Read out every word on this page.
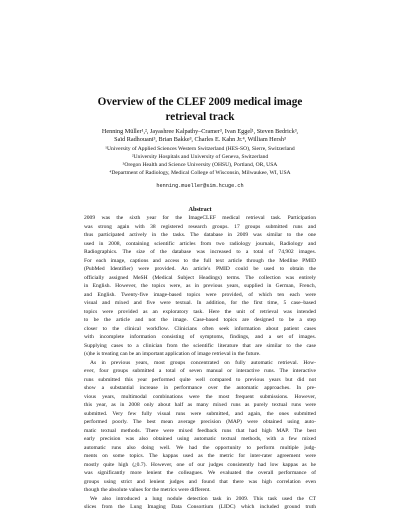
Overview of the CLEF 2009 medical image
retrieval track
Henning Müller¹,², Jayashree Kalpathy–Cramer³, Ivan Eggel¹, Steven Bedrick³,
Saïd Radhouani³, Brian Bakke³, Charles E. Kahn Jr.⁴, William Hersh³
¹University of Applied Sciences Western Switzerland (HES-SO), Sierre, Switzerland
²University Hospitals and University of Geneva, Switzerland
³Oregon Health and Science University (OHSU), Portland, OR, USA
⁴Department of Radiology, Medical College of Wisconsin, Milwaukee, WI, USA
henning.mueller@sim.hcuge.ch
Abstract

2009 was the sixth year for the ImageCLEF medical retrieval task. Participation
was strong again with 38 registered research groups. 17 groups submitted runs and
thus participated actively in the tasks. The database in 2009 was similar to the one
used in 2008, containing scientific articles from two radiology journals, Radiology and
Radiographics. The size of the database was increased to a total of 74,902 images.
For each image, captions and access to the full text article through the Medline PMID
(PubMed Identifier) were provided. An article's PMID could be used to obtain the
officially assigned MeSH (Medical Subject Headings) terms. The collection was entirely
in English. However, the topics were, as in previous years, supplied in German, French,
and English. Twenty-five image-based topics were provided, of which ten each were
visual and mixed and five were textual. In addition, for the first time, 5 case–based
topics were provided as an exploratory task. Here the unit of retrieval was intended
to be the article and not the image. Case-based topics are designed to be a step
closer to the clinical workflow. Clinicians often seek information about patient cases
with incomplete information consisting of symptoms, findings, and a set of images.
Supplying cases to a clinician from the scientific literature that are similar to the case
(s)he is treating can be an important application of image retrieval in the future.

As in previous years, most groups concentrated on fully automatic retrieval. How-
ever, four groups submitted a total of seven manual or interactive runs. The interactive
runs submitted this year performed quite well compared to previous years but did not
show a substantial increase in performance over the automatic approaches. In pre-
vious years, multimodal combinations were the most frequent submissions. However,
this year, as in 2008 only about half as many mixed runs as purely textual runs were
submitted. Very few fully visual runs were submitted, and again, the ones submitted
performed poorly. The best mean average precision (MAP) were obtained using auto-
matic textual methods. There were mixed feedback runs that had high MAP. The best
early precision was also obtained using automatic textual methods, with a few mixed
automatic runs also doing well. We had the opportunity to perform multiple judg-
ments on some topics. The kappas used as the metric for inter-rater agreement were
mostly quite high (¿0.7). However, one of our judges consistently had low kappas as he
was significantly more lenient the colleagues. We evaluated the overall performance of
groups using strict and lenient judges and found that there was high correlation even
though the absolute values for the metrics were different.

We also introduced a lung nodule detection task in 2009. This task used the CT
slices from the Lung Imaging Data Consortium (LIDC) which included ground truth
